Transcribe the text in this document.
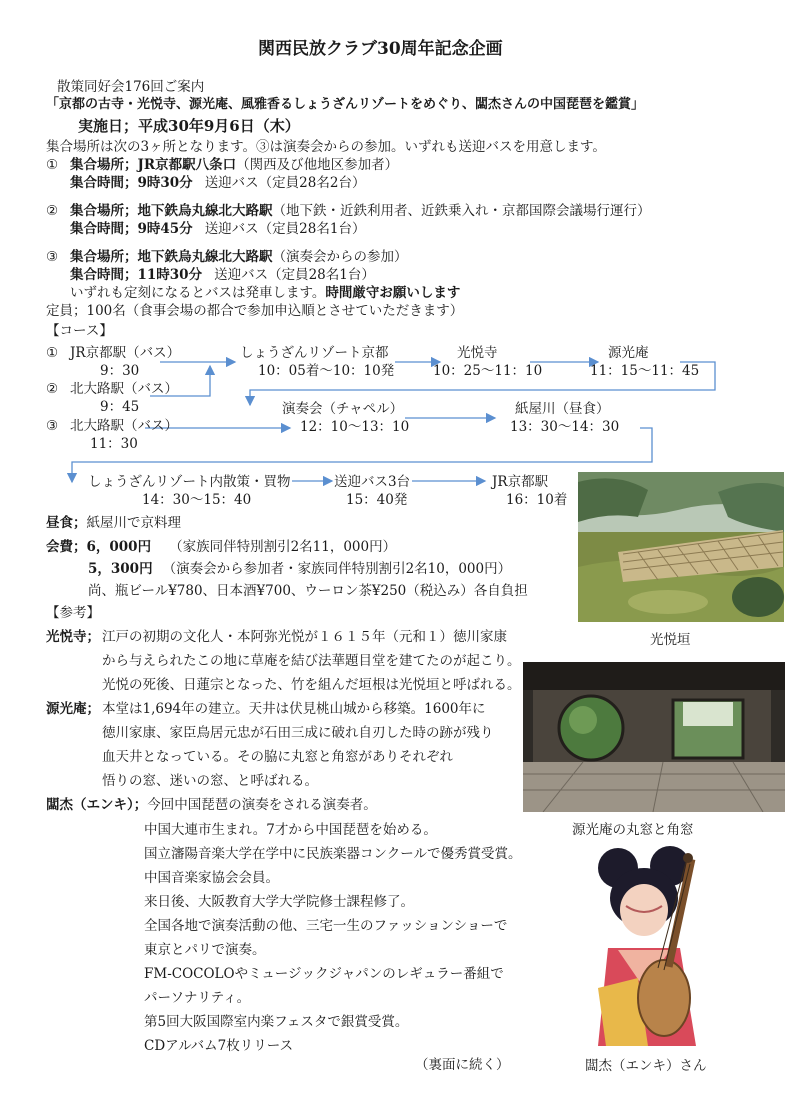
関西民放クラブ30周年記念企画
散策同好会176回ご案内
「京都の古寺・光悦寺、源光庵、風雅香るしょうざんリゾートをめぐり、闆杰さんの中国琵琶を鑑賞」
実施日；平成30年9月6日（木）
集合場所は次の3ヶ所となります。③は演奏会からの参加。いずれも送迎バスを用意します。
① 集合場所；JR京都駅八条口（関西及び他地区参加者）
集合時間；9時30分 送迎バス（定員28名2台）
② 集合場所；地下鉄烏丸線北大路駅（地下鉄・近鉄利用者、近鉄乗入れ・京都国際会議場行運行）
集合時間；9時45分 送迎バス（定員28名1台）
③ 集合場所；地下鉄烏丸線北大路駅（演奏会からの参加）
集合時間；11時30分 送迎バス（定員28名1台）
いずれも定刻になるとバスは発車します。時間厳守お願いします
定員；100名（食事会場の都合で参加申込順とさせていただきます）
【コース】
① JR京都駅（バス）
9：30
② 北大路駅（バス）
9：45
③ 北大路駅（バス）
11：30
しょうざんリゾート京都
10：05着〜10：10発
光悦寺
10：25〜11：10
源光庵
11：15〜11：45
演奏会（チャペル）
12：10〜13：10
紙屋川（昼食）
13：30〜14：30
しょうざんリゾート内散策・買物
14：30〜15：40
送迎バス3台
15：40発
JR京都駅
16：10着
昼食；紙屋川で京料理
会費；6，000円 （家族同伴特別割引2名11，000円）
5，300円 （演奏会から参加者・家族同伴特別割引2名10，000円）
尚、瓶ビール¥780、日本酒¥700、ウーロン茶¥250（税込み）各自負担
【参考】
光悦寺； 江戸の初期の文化人・本阿弥光悦が１６１５年（元和１）徳川家康
から与えられたこの地に草庵を結び法華題目堂を建てたのが起こり。
光悦の死後、日蓮宗となった、竹を組んだ垣根は光悦垣と呼ばれる。
源光庵； 本堂は1,694年の建立。天井は伏見桃山城から移築。1600年に
徳川家康、家臣鳥居元忠が石田三成に破れ自刃した時の跡が残り
血天井となっている。その脇に丸窓と角窓がありそれぞれ
悟りの窓、迷いの窓、と呼ばれる。
闆杰（エンキ）；今回中国琵琶の演奏をされる演奏者。
中国大連市生まれ。7才から中国琵琶を始める。
国立瀋陽音楽大学在学中に民族楽器コンクールで優秀賞受賞。
中国音楽家協会会員。
来日後、大阪教育大学大学院修士課程修了。
全国各地で演奏活動の他、三宅一生のファッションショーで
東京とパリで演奏。
FM-COCOLOやミュージックジャパンのレギュラー番組で
パーソナリティ。
第5回大阪国際室内楽フェスタで銀賞受賞。
CDアルバム7枚リリース
（裏面に続く）
光悦垣
源光庵の丸窓と角窓
闆杰（エンキ）さん
